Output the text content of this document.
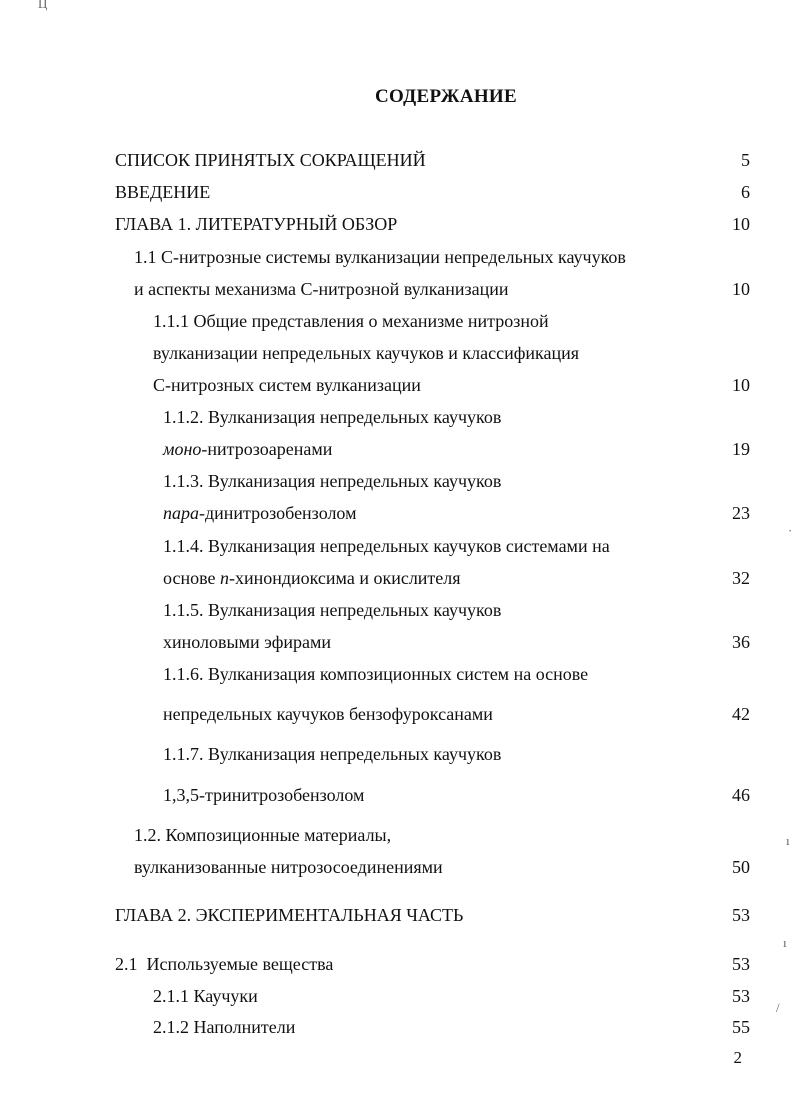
Ц
СОДЕРЖАНИЕ
СПИСОК ПРИНЯТЫХ СОКРАЩЕНИЙ	5
ВВЕДЕНИЕ	6
ГЛАВА 1. ЛИТЕРАТУРНЫЙ ОБЗОР	10
1.1 С-нитрозные системы вулканизации непредельных каучуков
и аспекты механизма С-нитрозной вулканизации	10
1.1.1 Общие представления о механизме нитрозной
вулканизации непредельных каучуков и классификация
С-нитрозных систем вулканизации	10
1.1.2. Вулканизация непредельных каучуков
моно-нитрозоаренами	19
1.1.3. Вулканизация непредельных каучуков
пара-динитрозобензолом	23
1.1.4. Вулканизация непредельных каучуков системами на
основе п-хинондиоксима и окислителя	32
1.1.5. Вулканизация непредельных каучуков
хиноловыми эфирами	36
1.1.6. Вулканизация композиционных систем на основе
непредельных каучуков бензофуроксанами	42
1.1.7. Вулканизация непредельных каучуков
1,3,5-тринитрозобензолом	46
1.2. Композиционные материалы,
вулканизованные нитрозосоединениями	50
ГЛАВА 2. ЭКСПЕРИМЕНТАЛЬНАЯ ЧАСТЬ	53
2.1  Используемые вещества	53
2.1.1 Каучуки	53
2.1.2 Наполнители	55
2
·
ı
ı
/
